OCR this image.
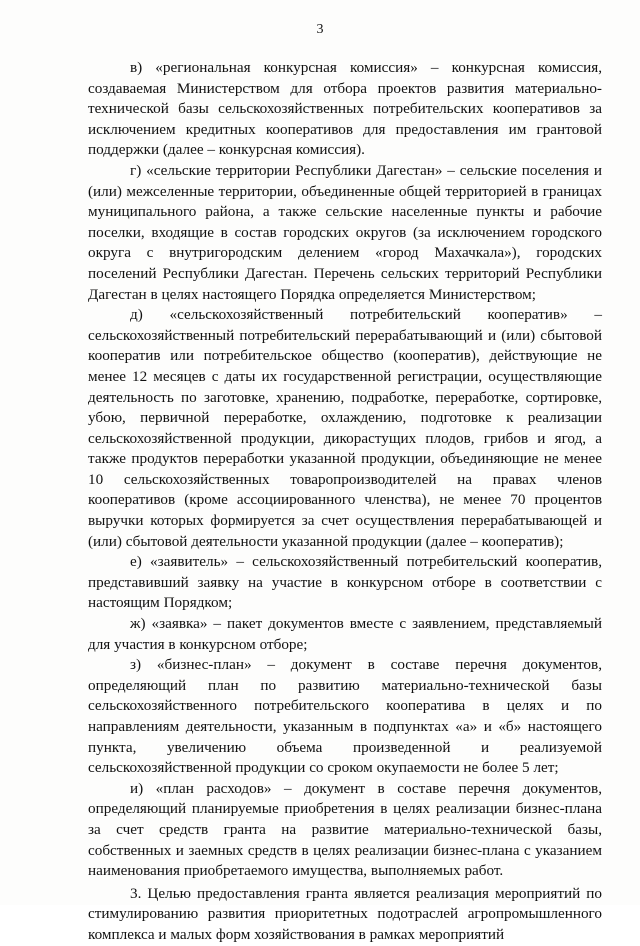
3

в) «региональная конкурсная комиссия» – конкурсная комиссия, создаваемая Министерством для отбора проектов развития материально-технической базы сельскохозяйственных потребительских кооперативов за исключением кредитных кооперативов для предоставления им грантовой поддержки (далее – конкурсная комиссия).

г) «сельские территории Республики Дагестан» – сельские поселения и (или) межселенные территории, объединенные общей территорией в границах муниципального района, а также сельские населенные пункты и рабочие поселки, входящие в состав городских округов (за исключением городского округа с внутригородским делением «город Махачкала»), городских поселений Республики Дагестан. Перечень сельских территорий Республики Дагестан в целях настоящего Порядка определяется Министерством;

д) «сельскохозяйственный потребительский кооператив» – сельскохозяйственный потребительский перерабатывающий и (или) сбытовой кооператив или потребительское общество (кооператив), действующие не менее 12 месяцев с даты их государственной регистрации, осуществляющие деятельность по заготовке, хранению, подработке, переработке, сортировке, убою, первичной переработке, охлаждению, подготовке к реализации сельскохозяйственной продукции, дикорастущих плодов, грибов и ягод, а также продуктов переработки указанной продукции, объединяющие не менее 10 сельскохозяйственных товаропроизводителей на правах членов кооперативов (кроме ассоциированного членства), не менее 70 процентов выручки которых формируется за счет осуществления перерабатывающей и (или) сбытовой деятельности указанной продукции (далее – кооператив);

е) «заявитель» – сельскохозяйственный потребительский кооператив, представивший заявку на участие в конкурсном отборе в соответствии с настоящим Порядком;

ж) «заявка» – пакет документов вместе с заявлением, представляемый для участия в конкурсном отборе;

з) «бизнес-план» – документ в составе перечня документов, определяющий план по развитию материально-технической базы сельскохозяйственного потребительского кооператива в целях и по направлениям деятельности, указанным в подпунктах «а» и «б» настоящего пункта, увеличению объема произведенной и реализуемой сельскохозяйственной продукции со сроком окупаемости не более 5 лет;

и) «план расходов» – документ в составе перечня документов, определяющий планируемые приобретения в целях реализации бизнес-плана за счет средств гранта на развитие материально-технической базы, собственных и заемных средств в целях реализации бизнес-плана с указанием наименования приобретаемого имущества, выполняемых работ.

3. Целью предоставления гранта является реализация мероприятий по стимулированию развития приоритетных подотраслей агропромышленного комплекса и малых форм хозяйствования в рамках мероприятий
